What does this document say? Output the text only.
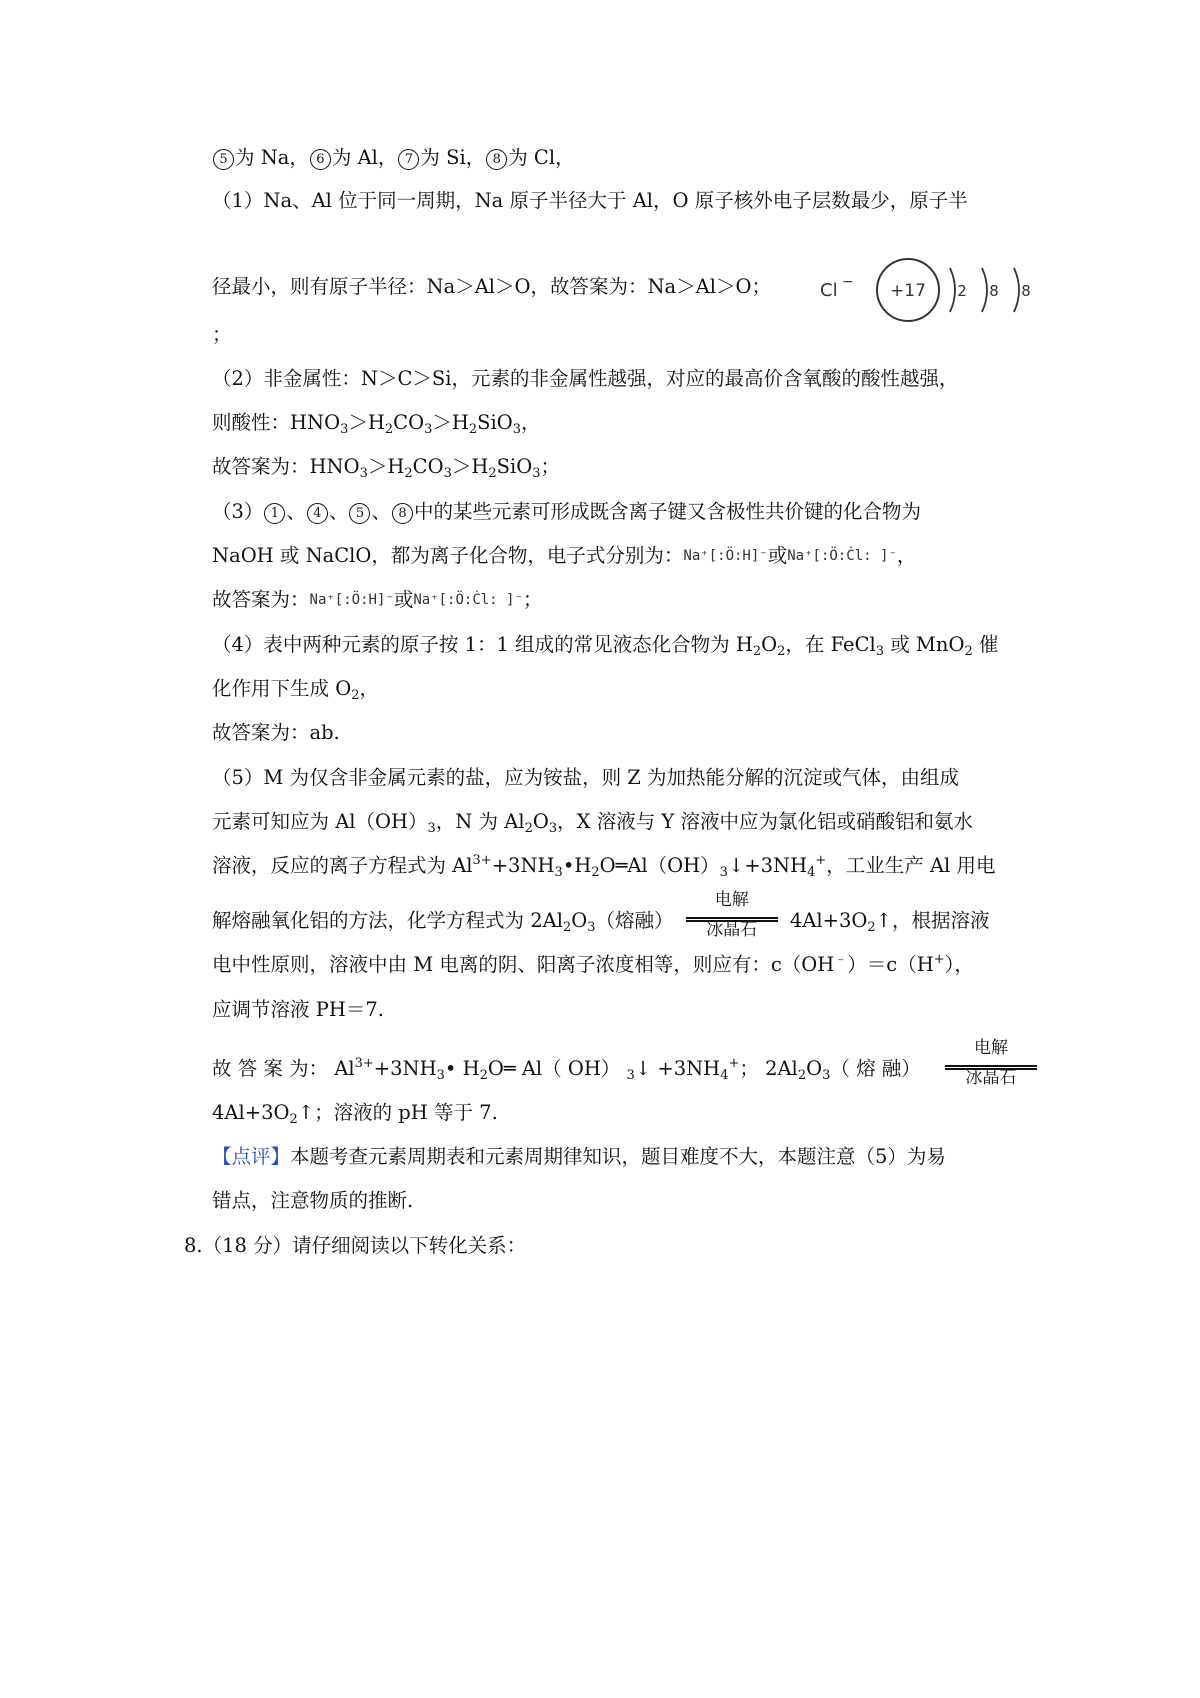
5 为 Na， 6 为 Al， 7 为 Si， 8 为 Cl，
（1）Na、Al 位于同一周期，Na 原子半径大于 Al，O 原子核外电子层数最少，原子半
径最小，则有原子半径：Na＞Al＞O，故答案为：Na＞Al＞O；	Cl − +17 2 8 8
；
（2）非金属性：N＞C＞Si，元素的非金属性越强，对应的最高价含氧酸的酸性越强，
则酸性：$HNO_3>H_2CO_3>H_2SiO_3$，
故答案为：$HNO_3>H_2CO_3>H_2SiO_3$；
（3） 1 、 4 、 5 、 8 中的某些元素可形成既含离子键又含极性共价键的化合物为
NaOH 或 NaClO，都为离子化合物，电子式分别为：Na⁺[:Ö:H]⁻或Na⁺[:Ö:Ċl: ]⁻，
故答案为：Na⁺[:Ö:H]⁻或Na⁺[:Ö:Ċl: ]⁻；
（4）表中两种元素的原子按 1：1 组成的常见液态化合物为 $H_2O_2$，在 FeCl$_3$ 或 MnO$_2$ 催
化作用下生成 $O_2$，
故答案为：ab.
（5）M 为仅含非金属元素的盐，应为铵盐，则 Z 为加热能分解的沉淀或气体，由组成
元素可知应为 $Al(OH)_3$，N 为 $Al_2O_3$，X 溶液与 Y 溶液中应为氯化铝或硝酸铝和氨水
溶液，反应的离子方程式为 $Al^{3+}+3NH_3•H_2O═Al(OH)_3↓+3NH_4^+$，工业生产 Al 用电
解熔融氧化铝的方法，化学方程式为 $2Al_2O_3$（熔融）
电解
冰晶石	$4Al+3O_2↑$，根据溶液
电中性原则，溶液中由 M 电离的阴、阳离子浓度相等，则应有：c（OH﹣）＝c（H+），
应调节溶液 PH＝7.
故 答 案 为： $Al^{3+}+3NH_3•$ $H_2O═$ Al（ OH） $_3$↓ $+3NH_4^+$； $2Al_2O_3$（ 熔 融）
电解
冰晶石
$4Al+3O_2↑$；溶液的 pH 等于 7.
【点评】本题考查元素周期表和元素周期律知识，题目难度不大，本题注意（5）为易
错点，注意物质的推断.
8.（18 分）请仔细阅读以下转化关系：
